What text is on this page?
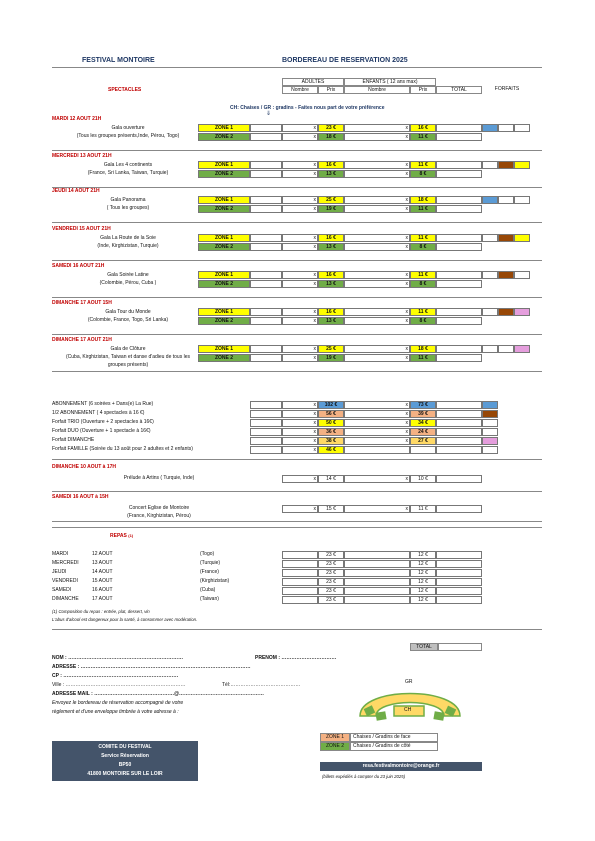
FESTIVAL MONTOIRE	BORDEREAU DE RESERVATION 2025
SPECTACLES
ADULTES	ENFANTS ( 12 ans max)
Nombre	Prix	Nombre	Prix	TOTAL	FORFAITS
CH: Chaises / GR : gradins - Faites nous part de votre préférence
⇓
MARDI 12 AOUT 21H
Gala ouverture
(Tous les groupes présents,Inde, Pérou, Togo)
ZONE 1	x	23 €	x	16 €
ZONE 2	x	18 €	x	11 €
MERCREDI 13 AOUT 21H
Gala Les 4 continents
(France, Sri Lanka, Taiwan, Turquie)
ZONE 1	x	16 €	x	11 €
ZONE 2	x	13 €	x	8 €
JEUDI 14 AOUT 21H
Gala Panorama
( Tous les groupes)
ZONE 1	x	25 €	x	18 €
ZONE 2	x	19 €	x	11 €
VENDREDI 15 AOUT 21H
Gala La Route de la Soie
(Inde, Kirghizistan, Turquie)
ZONE 1	x	16 €	x	11 €
ZONE 2	x	13 €	x	8 €
SAMEDI 16 AOUT 21H
Gala Soirée Latine
(Colombie, Pérou, Cuba )
ZONE 1	x	16 €	x	11 €
ZONE 2	x	13 €	x	8 €
DIMANCHE 17 AOUT 15H
Gala Tour du Monde
(Colombie, France, Togo, Sri Lanka)
ZONE 1	x	16 €	x	11 €
ZONE 2	x	13 €	x	8 €
DIMANCHE 17 AOUT 21H
Gala de Clôture
(Cuba, Kirghizistan, Taiwan et danse d'adieu de tous les
groupes présents)
ZONE 1	x	25 €	x	18 €
ZONE 2	x	19 €	x	11 €
ABONNEMENT (6 soirées + Dans(e) La Rue)	x	102 €	x	73 €
1/2 ABONNEMENT ( 4 spectacles à 16 €)	x	56 €	x	39 €
Forfait TRIO (Ouverture + 2 spectacles à 16€)	x	50 €	x	34 €
Forfait DUO (Ouverture + 1 spectacle à 16€)	x	36 €	x	24 €
Forfait DIMANCHE	x	38 €	x	27 €
Forfait FAMILLE (Soirée du 13 août pour 2 adultes et 2 enfants)	x	46 €
DIMANCHE 10 AOUT à 17H
Prélude à Artins ( Turquie, Inde)	x	14 €	x	10 €
SAMEDI 16 AOUT à 15H
Concert Eglise de Montoire
(France, Kirghizistan, Pérou)
x	15 €	x	11 €
REPAS (1)
MARDI	12 AOUT	(Togo)	23 €	12 €
MERCREDI	13 AOUT	(Turquie)	23 €	12 €
JEUDI	14 AOUT	(France)	23 €	12 €
VENDREDI	15 AOUT	(Kirghizistan)	23 €	12 €
SAMEDI	16 AOUT	(Cuba)	23 €	12 €
DIMANCHE	17 AOUT	(Taiwan)	23 €	12 €
(1) Composition du repas : entrée, plat, dessert, vin
L'abus d'alcool est dangereux pour la santé, à consommer avec modération.
TOTAL
NOM : ……………………………………………………………	PRENOM : ……………………………
ADRESSE : …………………………………………………………………………………………
CP : ……………………………………………………………
Ville : ………………………………………………………………	Tél:……………………………………
ADRESSE MAIL : …………………………………………@……………………………………………
Envoyez le bordereau de réservation accompagné de votre
règlement et d'une enveloppe timbrée à votre adresse à :
GR
CH
ZONE 1	Chaises / Gradins de face
ZONE 2	Chaises / Gradins de côté
COMITE DU FESTIVAL
Service Réservation
BP50
41800 MONTOIRE SUR LE LOIR
resa.festivalmontoire@orange.fr
(billets expédiés à compter du 23 juin 2025)
